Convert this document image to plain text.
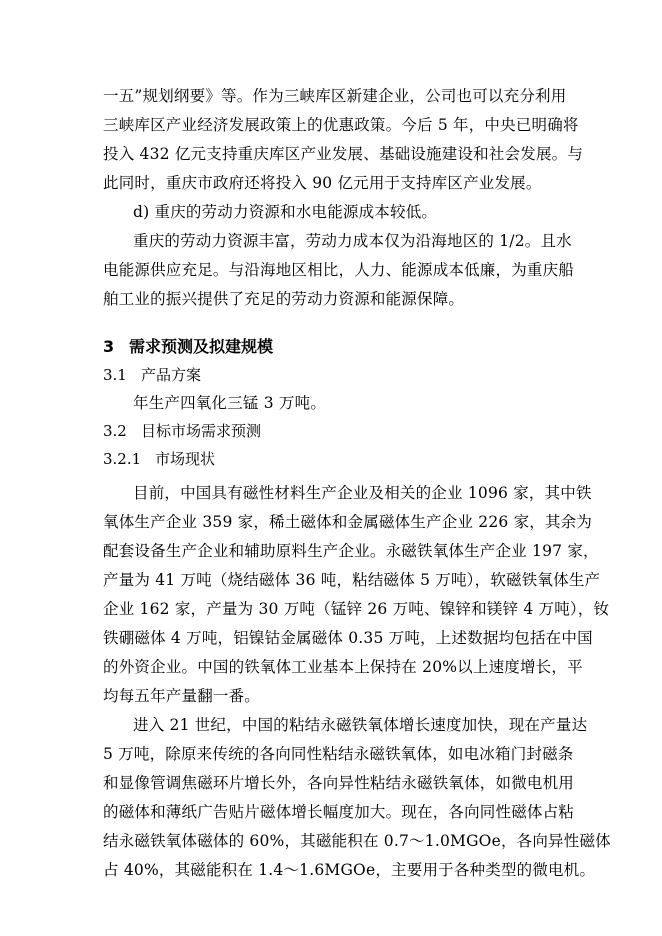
一五”规划纲要》等。作为三峡库区新建企业，公司也可以充分利用
三峡库区产业经济发展政策上的优惠政策。今后 5 年，中央已明确将
投入 432 亿元支持重庆库区产业发展、基础设施建设和社会发展。与
此同时，重庆市政府还将投入 90 亿元用于支持库区产业发展。
d) 重庆的劳动力资源和水电能源成本较低。
重庆的劳动力资源丰富，劳动力成本仅为沿海地区的 1/2。且水
电能源供应充足。与沿海地区相比，人力、能源成本低廉，为重庆船
舶工业的振兴提供了充足的劳动力资源和能源保障。
3 需求预测及拟建规模
3.1 产品方案
年生产四氧化三锰 3 万吨。
3.2 目标市场需求预测
3.2.1 市场现状
目前，中国具有磁性材料生产企业及相关的企业 1096 家，其中铁
氧体生产企业 359 家，稀土磁体和金属磁体生产企业 226 家，其余为
配套设备生产企业和辅助原料生产企业。永磁铁氧体生产企业 197 家，
产量为 41 万吨（烧结磁体 36 吨，粘结磁体 5 万吨），软磁铁氧体生产
企业 162 家，产量为 30 万吨（锰锌 26 万吨、镍锌和镁锌 4 万吨），钕
铁硼磁体 4 万吨，铝镍钴金属磁体 0.35 万吨，上述数据均包括在中国
的外资企业。中国的铁氧体工业基本上保持在 20%以上速度增长，平
均每五年产量翻一番。
进入 21 世纪，中国的粘结永磁铁氧体增长速度加快，现在产量达
5 万吨，除原来传统的各向同性粘结永磁铁氧体，如电冰箱门封磁条
和显像管调焦磁环片增长外，各向异性粘结永磁铁氧体，如微电机用
的磁体和薄纸广告贴片磁体增长幅度加大。现在，各向同性磁体占粘
结永磁铁氧体磁体的 60%，其磁能积在 0.7～1.0MGOe，各向异性磁体
占 40%，其磁能积在 1.4～1.6MGOe，主要用于各种类型的微电机。
